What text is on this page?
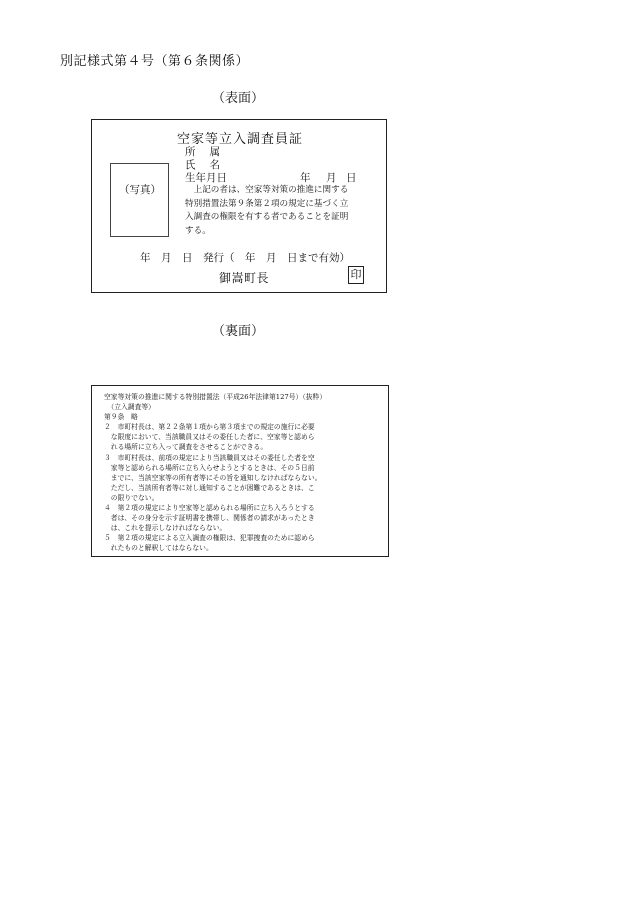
別記様式第４号（第６条関係）
（表面）
空家等立入調査員証
所属
氏名
生年月日	年 月 日
（写真）	　上記の者は、空家等対策の推進に関する
特別措置法第９条第２項の規定に基づく立
入調査の権限を有する者であることを証明
する。
年　月　日　発行（　年　月　日まで有効）
御嵩町長	印
（裏面）
空家等対策の推進に関する特別措置法（平成26年法律第127号）（抜粋）
　（立入調査等）
第９条　略
２　市町村長は、第２２条第１項から第３項までの規定の施行に必要
　な限度において、当該職員又はその委任した者に、空家等と認めら
　れる場所に立ち入って調査をさせることができる。
３　市町村長は、前項の規定により当該職員又はその委任した者を空
　家等と認められる場所に立ち入らせようとするときは、その５日前
　までに、当該空家等の所有者等にその旨を通知しなければならない。
　ただし、当該所有者等に対し通知することが困難であるときは、こ
　の限りでない。
４　第２項の規定により空家等と認められる場所に立ち入ろうとする
　者は、その身分を示す証明書を携帯し、関係者の請求があったとき
　は、これを提示しなければならない。
５　第２項の規定による立入調査の権限は、犯罪捜査のために認めら
　れたものと解釈してはならない。
